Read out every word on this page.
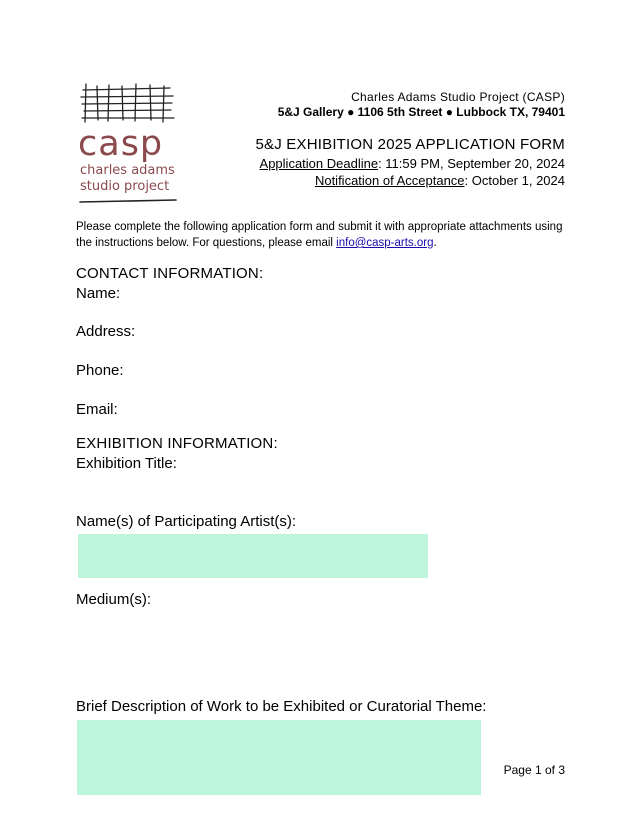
casp
charles adams
studio project
Charles Adams Studio Project (CASP)
5&J Gallery ● 1106 5th Street ● Lubbock TX, 79401
5&J EXHIBITION 2025 APPLICATION FORM
Application Deadline: 11:59 PM, September 20, 2024
Notification of Acceptance: October 1, 2024
Please complete the following application form and submit it with appropriate attachments using the instructions below. For questions, please email info@casp-arts.org.
CONTACT INFORMATION:
Name:
Address:
Phone:
Email:
EXHIBITION INFORMATION:
Exhibition Title:
Name(s) of Participating Artist(s):
Medium(s):
Brief Description of Work to be Exhibited or Curatorial Theme:
Page 1 of 3
